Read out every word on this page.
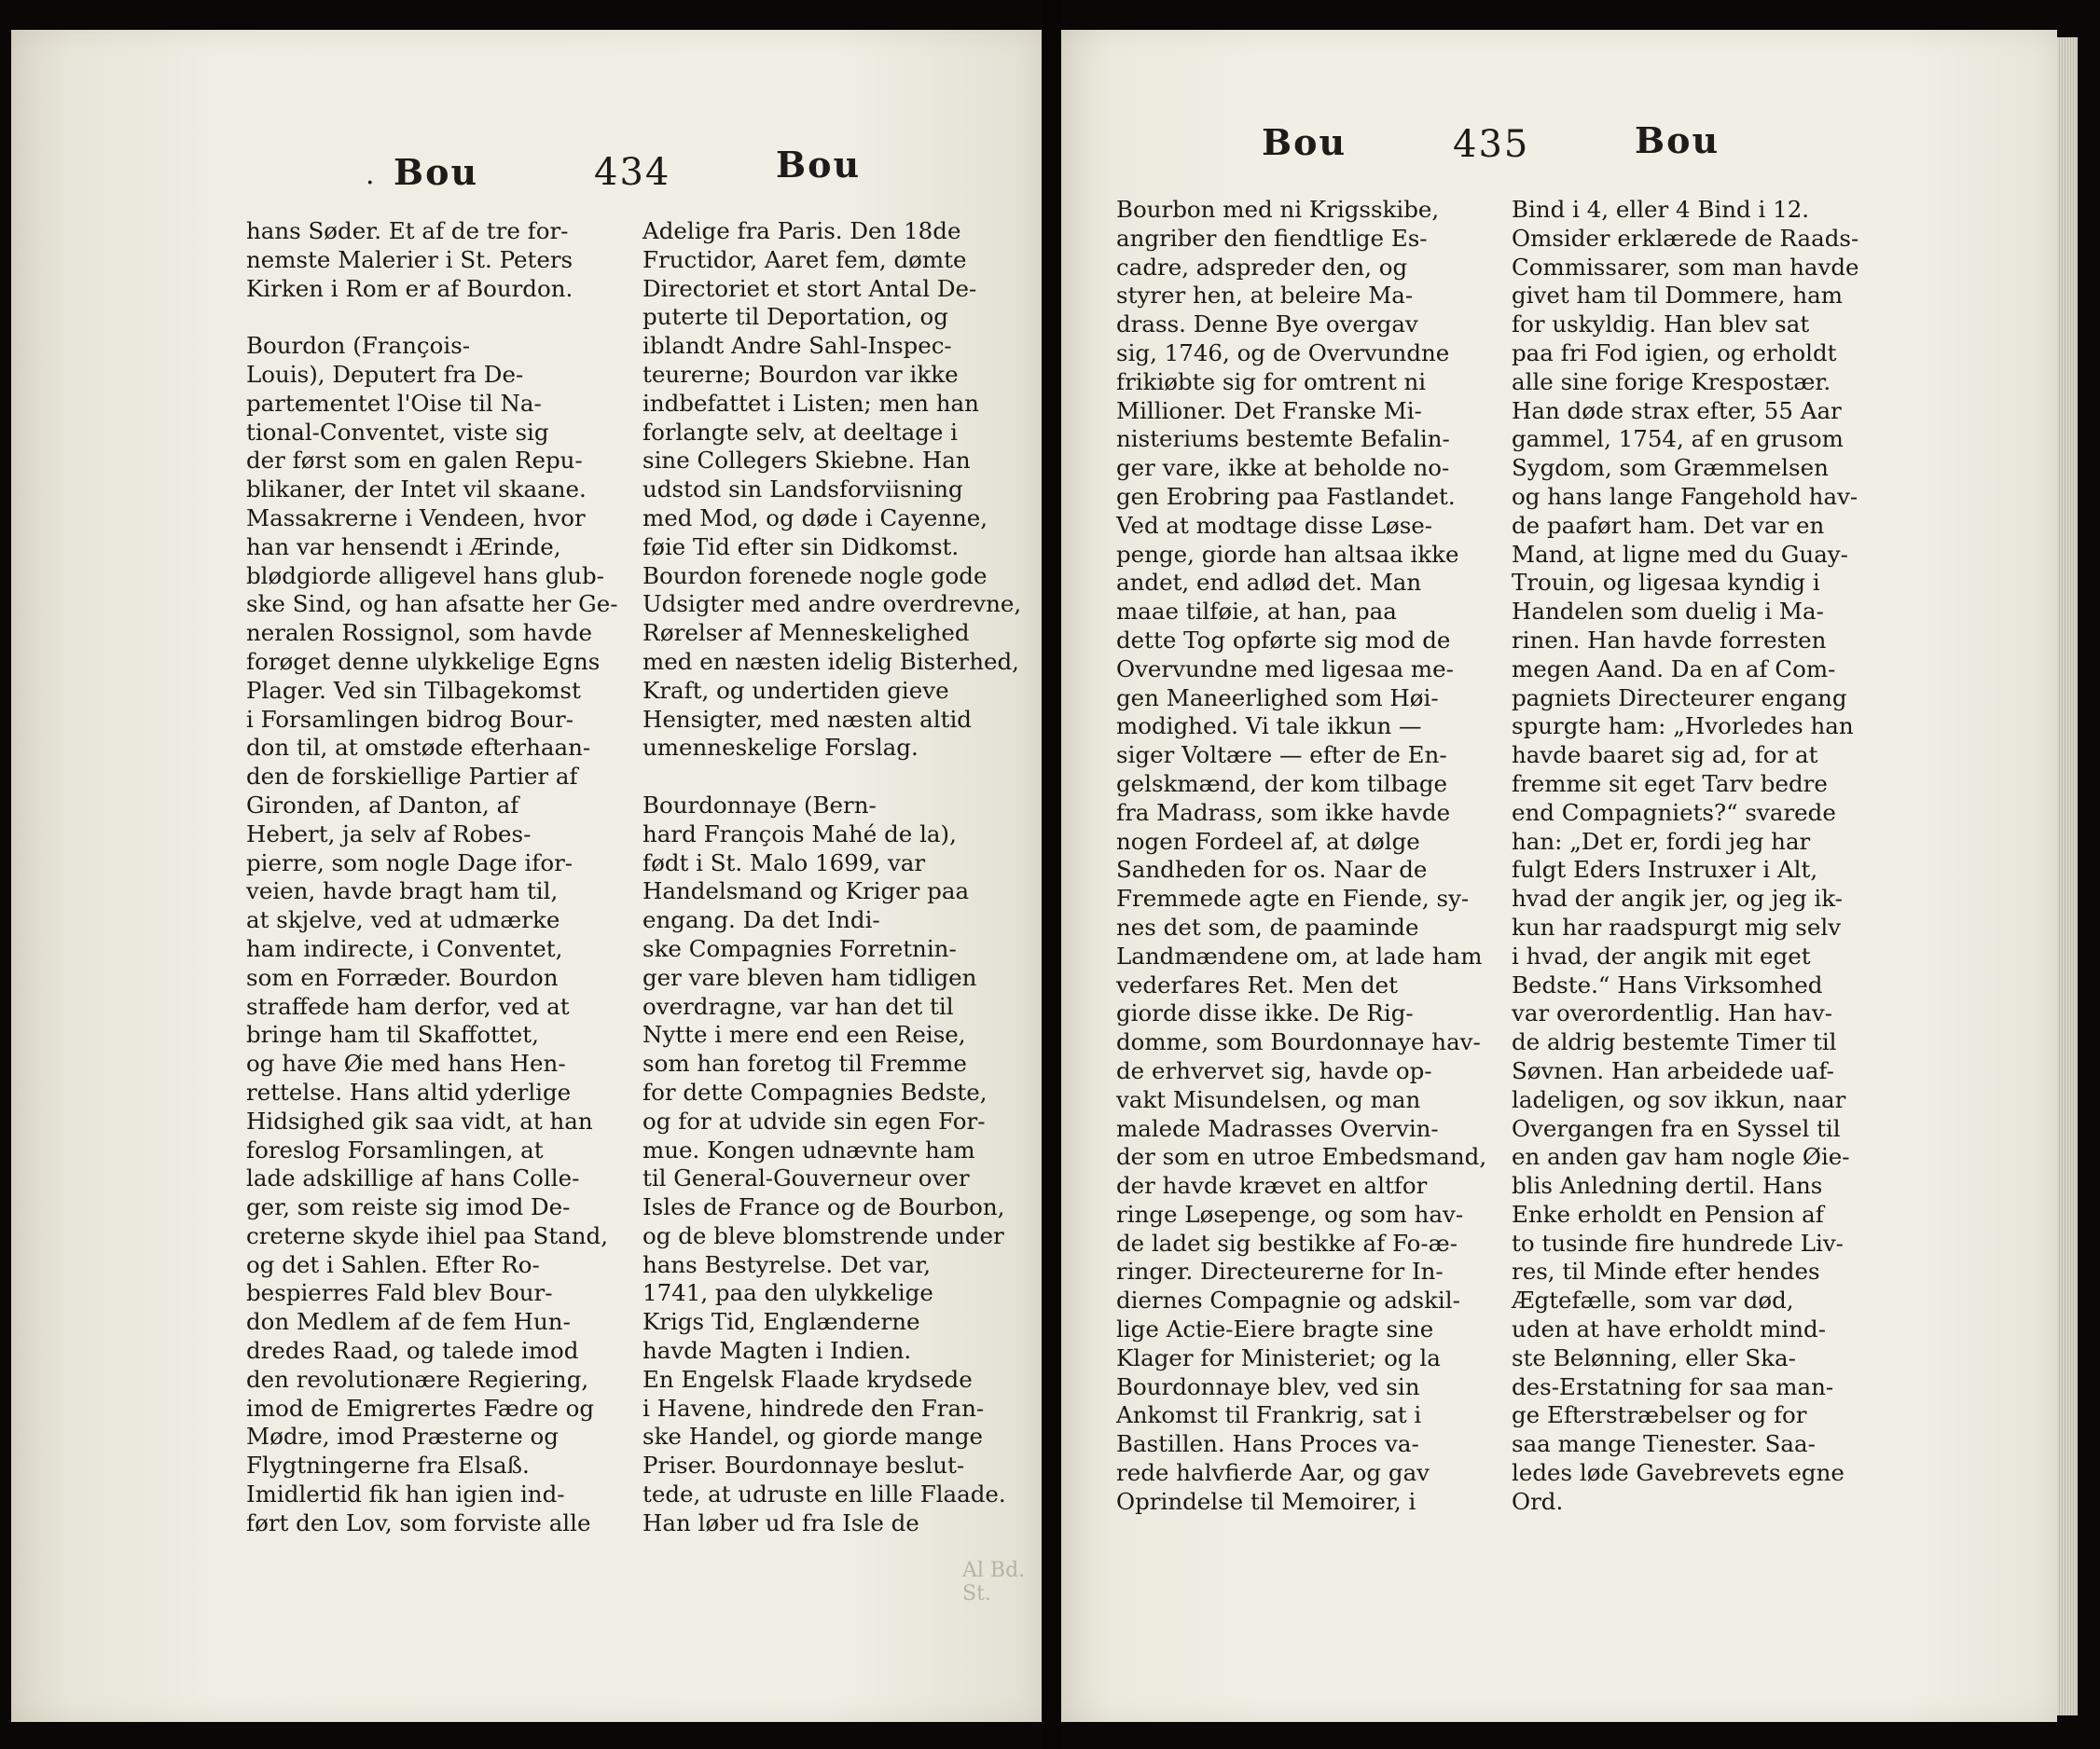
. Bou	434	Bou
hans Søder. Et af de tre for-
nemste Malerier i St. Peters
Kirken i Rom er af Bourdon.
Bourdon (François-
Louis), Deputert fra De-
partementet l'Oise til Na-
tional-Conventet, viste sig
der først som en galen Repu-
blikaner, der Intet vil skaane.
Massakrerne i Vendeen, hvor
han var hensendt i Ærinde,
blødgiorde alligevel hans glub-
ske Sind, og han afsatte her Ge-
neralen Rossignol, som havde
forøget denne ulykkelige Egns
Plager. Ved sin Tilbagekomst
i Forsamlingen bidrog Bour-
don til, at omstøde efterhaan-
den de forskiellige Partier af
Gironden, af Danton, af
Hebert, ja selv af Robes-
pierre, som nogle Dage ifor-
veien, havde bragt ham til,
at skjelve, ved at udmærke
ham indirecte, i Conventet,
som en Forræder. Bourdon
straffede ham derfor, ved at
bringe ham til Skaffottet,
og have Øie med hans Hen-
rettelse. Hans altid yderlige
Hidsighed gik saa vidt, at han
foreslog Forsamlingen, at
lade adskillige af hans Colle-
ger, som reiste sig imod De-
creterne skyde ihiel paa Stand,
og det i Sahlen. Efter Ro-
bespierres Fald blev Bour-
don Medlem af de fem Hun-
dredes Raad, og talede imod
den revolutionære Regiering,
imod de Emigrertes Fædre og
Mødre, imod Præsterne og
Flygtningerne fra Elsaß.
Imidlertid fik han igien ind-
ført den Lov, som forviste alle
Adelige fra Paris. Den 18de
Fructidor, Aaret fem, dømte
Directoriet et stort Antal De-
puterte til Deportation, og
iblandt Andre Sahl-Inspec-
teurerne; Bourdon var ikke
indbefattet i Listen; men han
forlangte selv, at deeltage i
sine Collegers Skiebne. Han
udstod sin Landsforviisning
med Mod, og døde i Cayenne,
føie Tid efter sin Didkomst.
Bourdon forenede nogle gode
Udsigter med andre overdrevne,
Rørelser af Menneskelighed
med en næsten idelig Bisterhed,
Kraft, og undertiden gieve
Hensigter, med næsten altid
umenneskelige Forslag.
Bourdonnaye (Bern-
hard François Mahé de la),
født i St. Malo 1699, var
Handelsmand og Kriger paa
engang. Da det Indi-
ske Compagnies Forretnin-
ger vare bleven ham tidligen
overdragne, var han det til
Nytte i mere end een Reise,
som han foretog til Fremme
for dette Compagnies Bedste,
og for at udvide sin egen For-
mue. Kongen udnævnte ham
til General-Gouverneur over
Isles de France og de Bourbon,
og de bleve blomstrende under
hans Bestyrelse. Det var,
1741, paa den ulykkelige
Krigs Tid, Englænderne
havde Magten i Indien.
En Engelsk Flaade krydsede
i Havene, hindrede den Fran-
ske Handel, og giorde mange
Priser. Bourdonnaye beslut-
tede, at udruste en lille Flaade.
Han løber ud fra Isle de
Al Bd. St.
Bou	435	Bou
Bourbon med ni Krigsskibe,
angriber den fiendtlige Es-
cadre, adspreder den, og
styrer hen, at beleire Ma-
drass. Denne Bye overgav
sig, 1746, og de Overvundne
frikiøbte sig for omtrent ni
Millioner. Det Franske Mi-
nisteriums bestemte Befalin-
ger vare, ikke at beholde no-
gen Erobring paa Fastlandet.
Ved at modtage disse Løse-
penge, giorde han altsaa ikke
andet, end adlød det. Man
maae tilføie, at han, paa
dette Tog opførte sig mod de
Overvundne med ligesaa me-
gen Maneerlighed som Høi-
modighed. Vi tale ikkun —
siger Voltære — efter de En-
gelskmænd, der kom tilbage
fra Madrass, som ikke havde
nogen Fordeel af, at dølge
Sandheden for os. Naar de
Fremmede agte en Fiende, sy-
nes det som, de paaminde
Landmændene om, at lade ham
vederfares Ret. Men det
giorde disse ikke. De Rig-
domme, som Bourdonnaye hav-
de erhvervet sig, havde op-
vakt Misundelsen, og man
malede Madrasses Overvin-
der som en utroe Embedsmand,
der havde krævet en altfor
ringe Løsepenge, og som hav-
de ladet sig bestikke af Fo-æ-
ringer. Directeurerne for In-
diernes Compagnie og adskil-
lige Actie-Eiere bragte sine
Klager for Ministeriet; og la
Bourdonnaye blev, ved sin
Ankomst til Frankrig, sat i
Bastillen. Hans Proces va-
rede halvfierde Aar, og gav
Oprindelse til Memoirer, i
Bind i 4, eller 4 Bind i 12.
Omsider erklærede de Raads-
Commissarer, som man havde
givet ham til Dommere, ham
for uskyldig. Han blev sat
paa fri Fod igien, og erholdt
alle sine forige Krespostær.
Han døde strax efter, 55 Aar
gammel, 1754, af en grusom
Sygdom, som Græmmelsen
og hans lange Fangehold hav-
de paaført ham. Det var en
Mand, at ligne med du Guay-
Trouin, og ligesaa kyndig i
Handelen som duelig i Ma-
rinen. Han havde forresten
megen Aand. Da en af Com-
pagniets Directeurer engang
spurgte ham: „Hvorledes han
havde baaret sig ad, for at
fremme sit eget Tarv bedre
end Compagniets?“ svarede
han: „Det er, fordi jeg har
fulgt Eders Instruxer i Alt,
hvad der angik jer, og jeg ik-
kun har raadspurgt mig selv
i hvad, der angik mit eget
Bedste.“ Hans Virksomhed
var overordentlig. Han hav-
de aldrig bestemte Timer til
Søvnen. Han arbeidede uaf-
ladeligen, og sov ikkun, naar
Overgangen fra en Syssel til
en anden gav ham nogle Øie-
blis Anledning dertil. Hans
Enke erholdt en Pension af
to tusinde fire hundrede Liv-
res, til Minde efter hendes
Ægtefælle, som var død,
uden at have erholdt mind-
ste Belønning, eller Ska-
des-Erstatning for saa man-
ge Efterstræbelser og for
saa mange Tienester. Saa-
ledes løde Gavebrevets egne
Ord.
